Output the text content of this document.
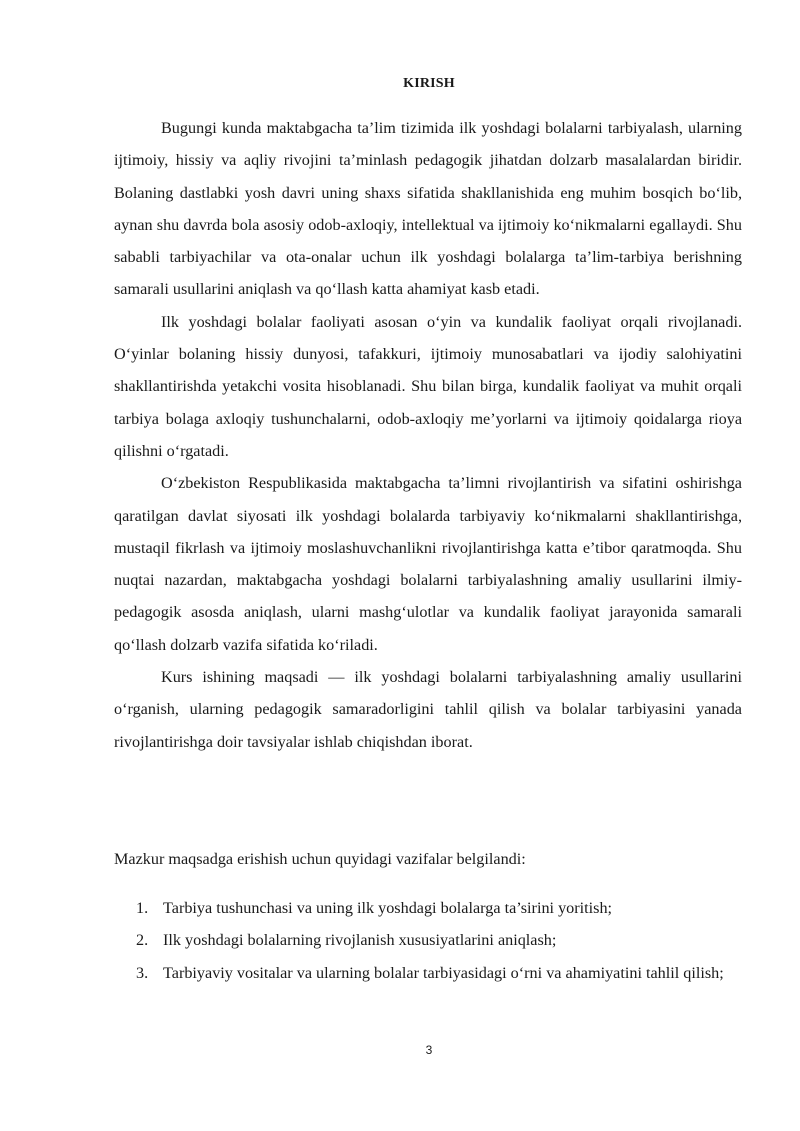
KIRISH

Bugungi kunda maktabgacha ta’lim tizimida ilk yoshdagi bolalarni tarbiyalash, ularning ijtimoiy, hissiy va aqliy rivojini ta’minlash pedagogik jihatdan dolzarb masalalardan biridir. Bolaning dastlabki yosh davri uning shaxs sifatida shakllanishida eng muhim bosqich bo‘lib, aynan shu davrda bola asosiy odob-axloqiy, intellektual va ijtimoiy ko‘nikmalarni egallaydi. Shu sababli tarbiyachilar va ota-onalar uchun ilk yoshdagi bolalarga ta’lim-tarbiya berishning samarali usullarini aniqlash va qo‘llash katta ahamiyat kasb etadi.

Ilk yoshdagi bolalar faoliyati asosan o‘yin va kundalik faoliyat orqali rivojlanadi. O‘yinlar bolaning hissiy dunyosi, tafakkuri, ijtimoiy munosabatlari va ijodiy salohiyatini shakllantirishda yetakchi vosita hisoblanadi. Shu bilan birga, kundalik faoliyat va muhit orqali tarbiya bolaga axloqiy tushunchalarni, odob-axloqiy me’yorlarni va ijtimoiy qoidalarga rioya qilishni o‘rgatadi.

O‘zbekiston Respublikasida maktabgacha ta’limni rivojlantirish va sifatini oshirishga qaratilgan davlat siyosati ilk yoshdagi bolalarda tarbiyaviy ko‘nikmalarni shakllantirishga, mustaqil fikrlash va ijtimoiy moslashuvchanlikni rivojlantirishga katta e’tibor qaratmoqda. Shu nuqtai nazardan, maktabgacha yoshdagi bolalarni tarbiyalashning amaliy usullarini ilmiy-pedagogik asosda aniqlash, ularni mashg‘ulotlar va kundalik faoliyat jarayonida samarali qo‘llash dolzarb vazifa sifatida ko‘riladi.

Kurs ishining maqsadi — ilk yoshdagi bolalarni tarbiyalashning amaliy usullarini o‘rganish, ularning pedagogik samaradorligini tahlil qilish va bolalar tarbiyasini yanada rivojlantirishga doir tavsiyalar ishlab chiqishdan iborat.

Mazkur maqsadga erishish uchun quyidagi vazifalar belgilandi:

1. Tarbiya tushunchasi va uning ilk yoshdagi bolalarga ta’sirini yoritish;
2. Ilk yoshdagi bolalarning rivojlanish xususiyatlarini aniqlash;
3. Tarbiyaviy vositalar va ularning bolalar tarbiyasidagi o‘rni va ahamiyatini tahlil qilish;
3
